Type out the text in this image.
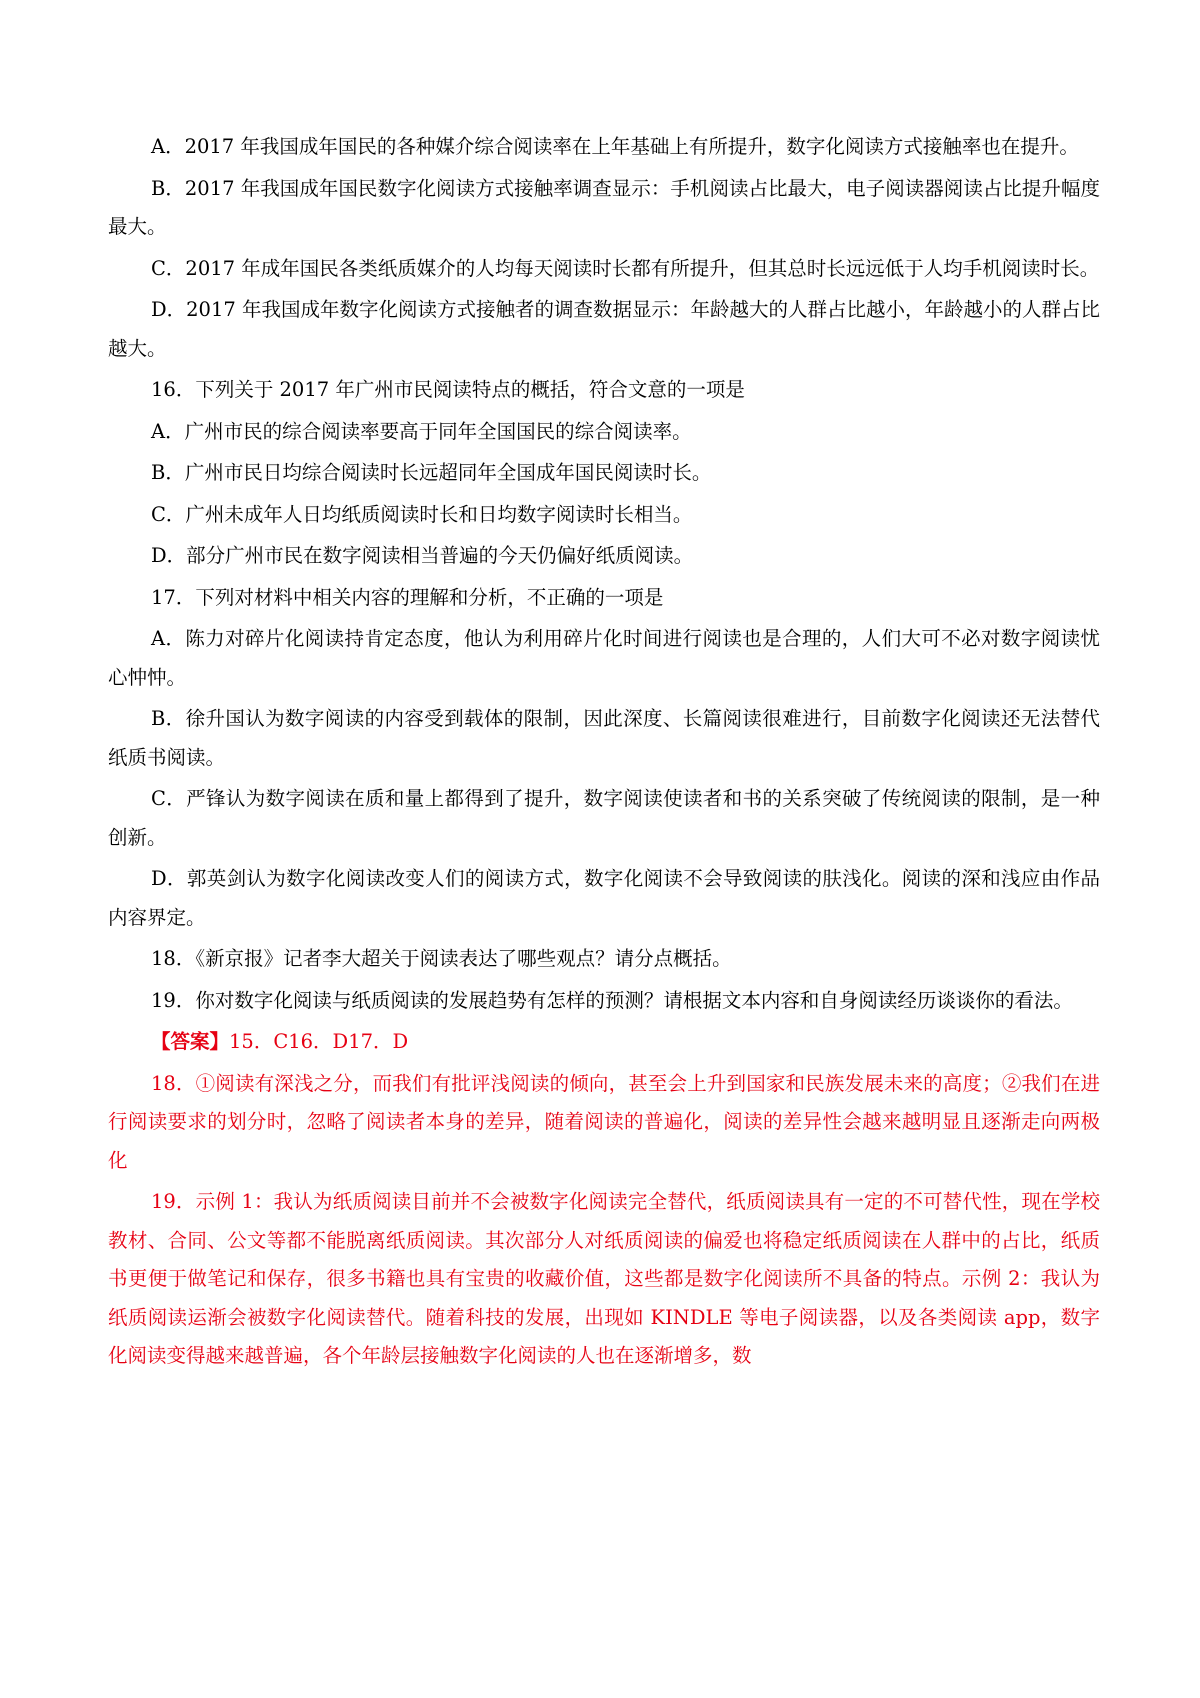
A．2017 年我国成年国民的各种媒介综合阅读率在上年基础上有所提升，数字化阅读方式接触率也在提升。

B．2017 年我国成年国民数字化阅读方式接触率调查显示：手机阅读占比最大，电子阅读器阅读占比提升幅度最大。

C．2017 年成年国民各类纸质媒介的人均每天阅读时长都有所提升，但其总时长远远低于人均手机阅读时长。

D．2017 年我国成年数字化阅读方式接触者的调查数据显示：年龄越大的人群占比越小，年龄越小的人群占比越大。

16．下列关于 2017 年广州市民阅读特点的概括，符合文意的一项是

A．广州市民的综合阅读率要高于同年全国国民的综合阅读率。

B．广州市民日均综合阅读时长远超同年全国成年国民阅读时长。

C．广州未成年人日均纸质阅读时长和日均数字阅读时长相当。

D．部分广州市民在数字阅读相当普遍的今天仍偏好纸质阅读。

17．下列对材料中相关内容的理解和分析，不正确的一项是

A．陈力对碎片化阅读持肯定态度，他认为利用碎片化时间进行阅读也是合理的，人们大可不必对数字阅读忧心忡忡。

B．徐升国认为数字阅读的内容受到载体的限制，因此深度、长篇阅读很难进行，目前数字化阅读还无法替代纸质书阅读。

C．严锋认为数字阅读在质和量上都得到了提升，数字阅读使读者和书的关系突破了传统阅读的限制，是一种创新。

D．郭英剑认为数字化阅读改变人们的阅读方式，数字化阅读不会导致阅读的肤浅化。阅读的深和浅应由作品内容界定。

18．《新京报》记者李大超关于阅读表达了哪些观点？请分点概括。

19．你对数字化阅读与纸质阅读的发展趋势有怎样的预测？请根据文本内容和自身阅读经历谈谈你的看法。

【答案】15．C16．D17．D

18．①阅读有深浅之分，而我们有批评浅阅读的倾向，甚至会上升到国家和民族发展未来的高度；②我们在进行阅读要求的划分时，忽略了阅读者本身的差异，随着阅读的普遍化，阅读的差异性会越来越明显且逐渐走向两极化

19．示例 1：我认为纸质阅读目前并不会被数字化阅读完全替代，纸质阅读具有一定的不可替代性，现在学校教材、合同、公文等都不能脱离纸质阅读。其次部分人对纸质阅读的偏爱也将稳定纸质阅读在人群中的占比，纸质书更便于做笔记和保存，很多书籍也具有宝贵的收藏价值，这些都是数字化阅读所不具备的特点。示例 2：我认为纸质阅读运渐会被数字化阅读替代。随着科技的发展，出现如 KINDLE 等电子阅读器，以及各类阅读 app，数字化阅读变得越来越普遍，各个年龄层接触数字化阅读的人也在逐渐增多，数
